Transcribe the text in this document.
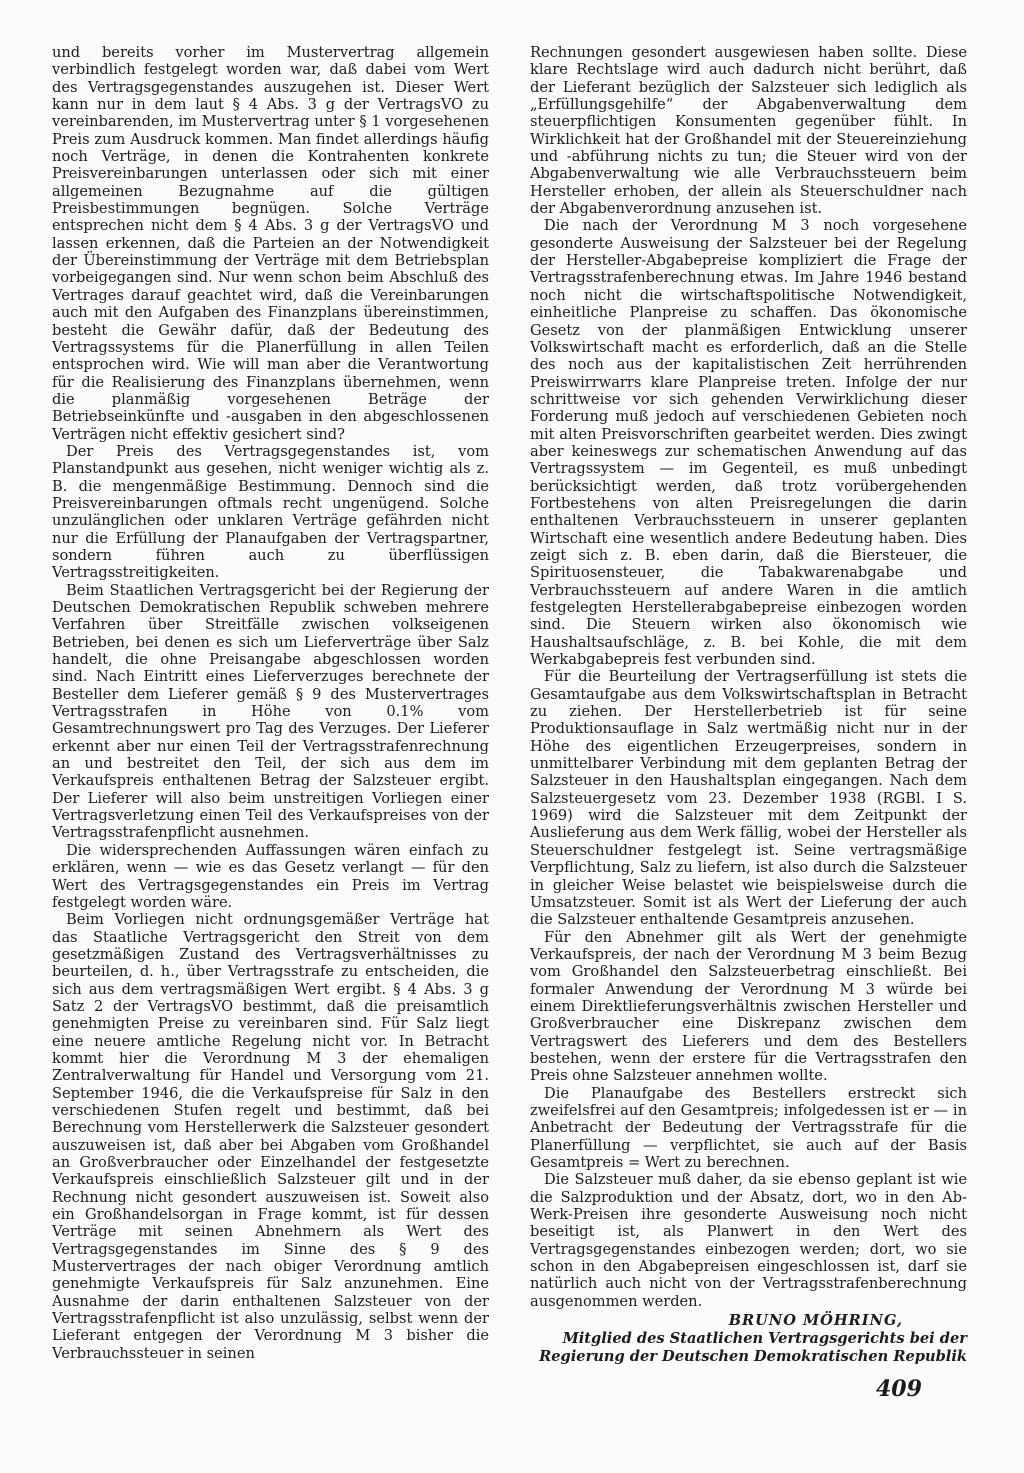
und bereits vorher im Mustervertrag allgemein verbindlich festgelegt worden war, daß dabei vom Wert des Vertragsgegenstandes auszugehen ist. Dieser Wert kann nur in dem laut § 4 Abs. 3 g der VertragsVO zu vereinbarenden, im Mustervertrag unter § 1 vorgesehenen Preis zum Ausdruck kommen. Man findet allerdings häufig noch Verträge, in denen die Kontrahenten konkrete Preisvereinbarungen unterlassen oder sich mit einer allgemeinen Bezugnahme auf die gültigen Preisbestimmungen begnügen. Solche Verträge entsprechen nicht dem § 4 Abs. 3 g der VertragsVO und lassen erkennen, daß die Parteien an der Notwendigkeit der Übereinstimmung der Verträge mit dem Betriebsplan vorbeigegangen sind. Nur wenn schon beim Abschluß des Vertrages darauf geachtet wird, daß die Vereinbarungen auch mit den Aufgaben des Finanzplans übereinstimmen, besteht die Gewähr dafür, daß der Bedeutung des Vertragssystems für die Planerfüllung in allen Teilen entsprochen wird. Wie will man aber die Verantwortung für die Realisierung des Finanzplans übernehmen, wenn die planmäßig vorgesehenen Beträge der Betriebseinkünfte und -ausgaben in den abgeschlossenen Verträgen nicht effektiv gesichert sind?

Der Preis des Vertragsgegenstandes ist, vom Planstandpunkt aus gesehen, nicht weniger wichtig als z. B. die mengenmäßige Bestimmung. Dennoch sind die Preisvereinbarungen oftmals recht ungenügend. Solche unzulänglichen oder unklaren Verträge gefährden nicht nur die Erfüllung der Planaufgaben der Vertragspartner, sondern führen auch zu überflüssigen Vertragsstreitigkeiten.

Beim Staatlichen Vertragsgericht bei der Regierung der Deutschen Demokratischen Republik schweben mehrere Verfahren über Streitfälle zwischen volkseigenen Betrieben, bei denen es sich um Lieferverträge über Salz handelt, die ohne Preisangabe abgeschlossen worden sind. Nach Eintritt eines Lieferverzuges berechnete der Besteller dem Lieferer gemäß § 9 des Mustervertrages Vertragsstrafen in Höhe von 0.1% vom Gesamtrechnungswert pro Tag des Verzuges. Der Lieferer erkennt aber nur einen Teil der Vertragsstrafenrechnung an und bestreitet den Teil, der sich aus dem im Verkaufspreis enthaltenen Betrag der Salzsteuer ergibt. Der Lieferer will also beim unstreitigen Vorliegen einer Vertragsverletzung einen Teil des Verkaufspreises von der Vertragsstrafenpflicht ausnehmen.

Die widersprechenden Auffassungen wären einfach zu erklären, wenn — wie es das Gesetz verlangt — für den Wert des Vertragsgegenstandes ein Preis im Vertrag festgelegt worden wäre.

Beim Vorliegen nicht ordnungsgemäßer Verträge hat das Staatliche Vertragsgericht den Streit von dem gesetzmäßigen Zustand des Vertragsverhältnisses zu beurteilen, d. h., über Vertragsstrafe zu entscheiden, die sich aus dem vertragsmäßigen Wert ergibt. § 4 Abs. 3 g Satz 2 der VertragsVO bestimmt, daß die preisamtlich genehmigten Preise zu vereinbaren sind. Für Salz liegt eine neuere amtliche Regelung nicht vor. In Betracht kommt hier die Verordnung M 3 der ehemaligen Zentralverwaltung für Handel und Versorgung vom 21. September 1946, die die Verkaufspreise für Salz in den verschiedenen Stufen regelt und bestimmt, daß bei Berechnung vom Herstellerwerk die Salzsteuer gesondert auszuweisen ist, daß aber bei Abgaben vom Großhandel an Großverbraucher oder Einzelhandel der festgesetzte Verkaufspreis einschließlich Salzsteuer gilt und in der Rechnung nicht gesondert auszuweisen ist. Soweit also ein Großhandelsorgan in Frage kommt, ist für dessen Verträge mit seinen Abnehmern als Wert des Vertragsgegenstandes im Sinne des § 9 des Mustervertrages der nach obiger Verordnung amtlich genehmigte Verkaufspreis für Salz anzunehmen. Eine Ausnahme der darin enthaltenen Salzsteuer von der Vertragsstrafenpflicht ist also unzulässig, selbst wenn der Lieferant entgegen der Verordnung M 3 bisher die Verbrauchssteuer in seinen

Rechnungen gesondert ausgewiesen haben sollte. Diese klare Rechtslage wird auch dadurch nicht berührt, daß der Lieferant bezüglich der Salzsteuer sich lediglich als „Erfüllungsgehilfe“ der Abgabenverwaltung dem steuerpflichtigen Konsumenten gegenüber fühlt. In Wirklichkeit hat der Großhandel mit der Steuereinziehung und -abführung nichts zu tun; die Steuer wird von der Abgabenverwaltung wie alle Verbrauchssteuern beim Hersteller erhoben, der allein als Steuerschuldner nach der Abgabenverordnung anzusehen ist.

Die nach der Verordnung M 3 noch vorgesehene gesonderte Ausweisung der Salzsteuer bei der Regelung der Hersteller-Abgabepreise kompliziert die Frage der Vertragsstrafenberechnung etwas. Im Jahre 1946 bestand noch nicht die wirtschaftspolitische Notwendigkeit, einheitliche Planpreise zu schaffen. Das ökonomische Gesetz von der planmäßigen Entwicklung unserer Volkswirtschaft macht es erforderlich, daß an die Stelle des noch aus der kapitalistischen Zeit herrührenden Preiswirrwarrs klare Planpreise treten. Infolge der nur schrittweise vor sich gehenden Verwirklichung dieser Forderung muß jedoch auf verschiedenen Gebieten noch mit alten Preisvorschriften gearbeitet werden. Dies zwingt aber keineswegs zur schematischen Anwendung auf das Vertragssystem — im Gegenteil, es muß unbedingt berücksichtigt werden, daß trotz vorübergehenden Fortbestehens von alten Preisregelungen die darin enthaltenen Verbrauchssteuern in unserer geplanten Wirtschaft eine wesentlich andere Bedeutung haben. Dies zeigt sich z. B. eben darin, daß die Biersteuer, die Spirituosensteuer, die Tabakwarenabgabe und Verbrauchssteuern auf andere Waren in die amtlich festgelegten Herstellerabgabepreise einbezogen worden sind. Die Steuern wirken also ökonomisch wie Haushaltsaufschläge, z. B. bei Kohle, die mit dem Werkabgabepreis fest verbunden sind.

Für die Beurteilung der Vertragserfüllung ist stets die Gesamtaufgabe aus dem Volkswirtschaftsplan in Betracht zu ziehen. Der Herstellerbetrieb ist für seine Produktionsauflage in Salz wertmäßig nicht nur in der Höhe des eigentlichen Erzeugerpreises, sondern in unmittelbarer Verbindung mit dem geplanten Betrag der Salzsteuer in den Haushaltsplan eingegangen. Nach dem Salzsteuergesetz vom 23. Dezember 1938 (RGBl. I S. 1969) wird die Salzsteuer mit dem Zeitpunkt der Auslieferung aus dem Werk fällig, wobei der Hersteller als Steuerschuldner festgelegt ist. Seine vertragsmäßige Verpflichtung, Salz zu liefern, ist also durch die Salzsteuer in gleicher Weise belastet wie beispielsweise durch die Umsatzsteuer. Somit ist als Wert der Lieferung der auch die Salzsteuer enthaltende Gesamtpreis anzusehen.

Für den Abnehmer gilt als Wert der genehmigte Verkaufspreis, der nach der Verordnung M 3 beim Bezug vom Großhandel den Salzsteuerbetrag einschließt. Bei formaler Anwendung der Verordnung M 3 würde bei einem Direktlieferungsverhältnis zwischen Hersteller und Großverbraucher eine Diskrepanz zwischen dem Vertragswert des Lieferers und dem des Bestellers bestehen, wenn der erstere für die Vertragsstrafen den Preis ohne Salzsteuer annehmen wollte.

Die Planaufgabe des Bestellers erstreckt sich zweifelsfrei auf den Gesamtpreis; infolgedessen ist er — in Anbetracht der Bedeutung der Vertragsstrafe für die Planerfüllung — verpflichtet, sie auch auf der Basis Gesamtpreis = Wert zu berechnen.

Die Salzsteuer muß daher, da sie ebenso geplant ist wie die Salzproduktion und der Absatz, dort, wo in den Ab-Werk-Preisen ihre gesonderte Ausweisung noch nicht beseitigt ist, als Planwert in den Wert des Vertragsgegenstandes einbezogen werden; dort, wo sie schon in den Abgabepreisen eingeschlossen ist, darf sie natürlich auch nicht von der Vertragsstrafenberechnung ausgenommen werden.

BRUNO MÖHRING,
Mitglied des Staatlichen Vertragsgerichts bei der Regierung der Deutschen Demokratischen Republik
409
